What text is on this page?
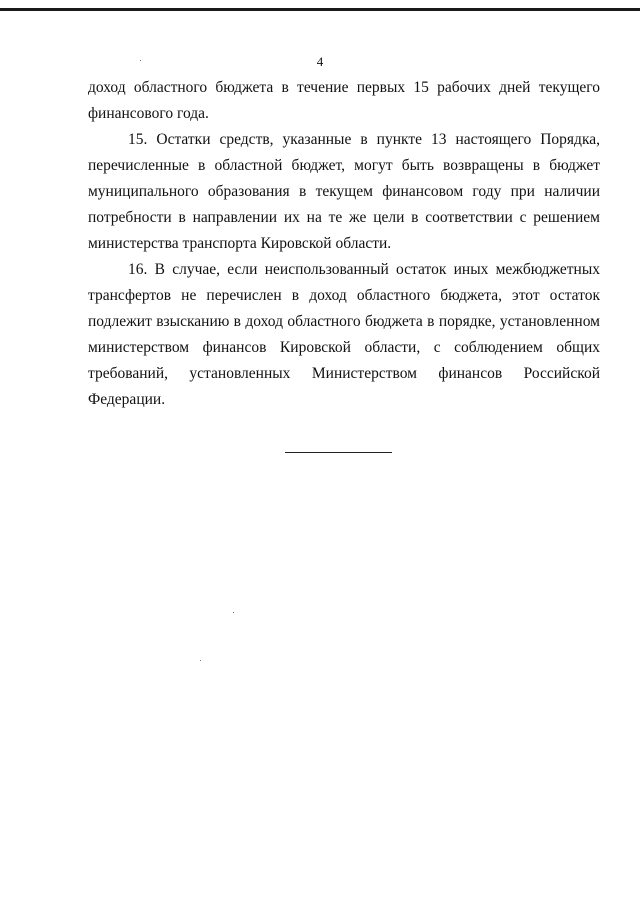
4

доход областного бюджета в течение первых 15 рабочих дней текущего финансового года.

15. Остатки средств, указанные в пункте 13 настоящего Порядка, перечисленные в областной бюджет, могут быть возвращены в бюджет муниципального образования в текущем финансовом году при наличии потребности в направлении их на те же цели в соответствии с решением министерства транспорта Кировской области.

16. В случае, если неиспользованный остаток иных межбюджетных трансфертов не перечислен в доход областного бюджета, этот остаток подлежит взысканию в доход областного бюджета в порядке, установленном министерством финансов Кировской области, с соблюдением общих требований, установленных Министерством финансов Российской Федерации.
